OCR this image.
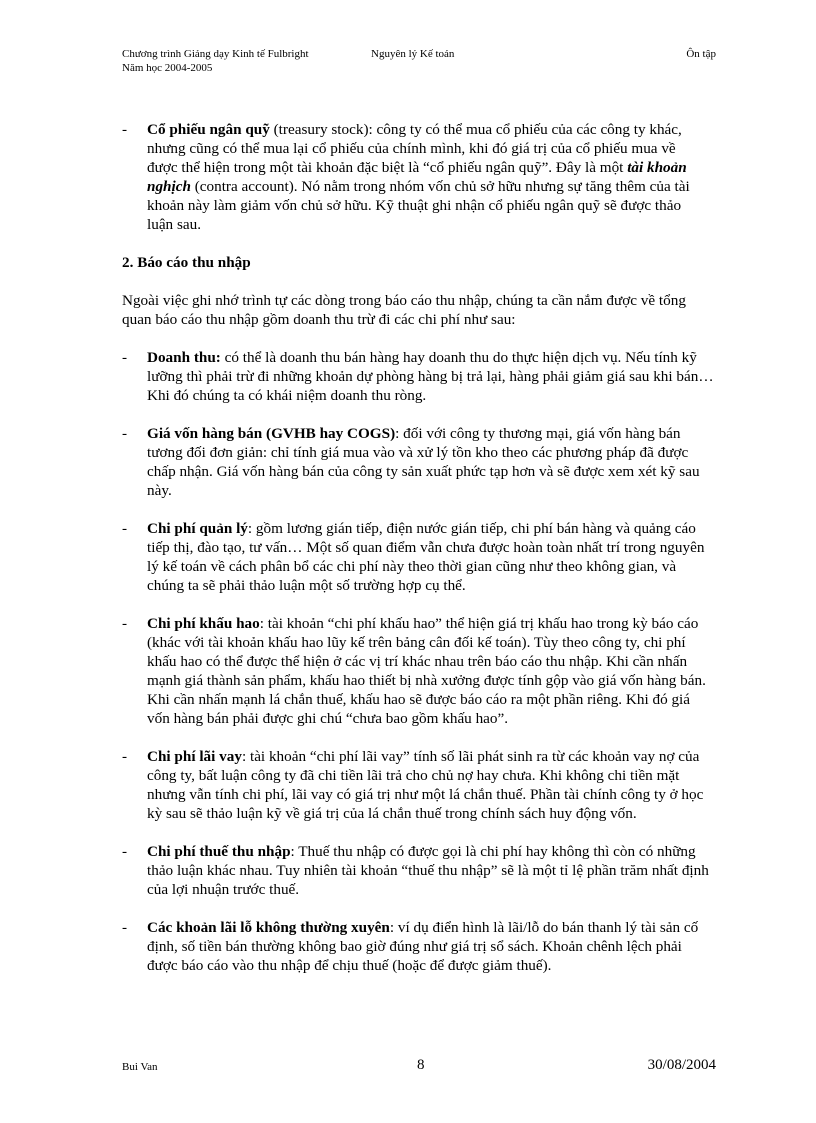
Chương trình Giảng dạy Kinh tế Fulbright	Nguyên lý Kế toán	Ôn tập
Năm học 2004-2005
- Cổ phiếu ngân quỹ (treasury stock): công ty có thể mua cổ phiếu của các công ty khác, nhưng cũng có thể mua lại cổ phiếu của chính mình, khi đó giá trị của cổ phiếu mua về được thể hiện trong một tài khoản đặc biệt là “cổ phiếu ngân quỹ”. Đây là một tài khoản nghịch (contra account). Nó nằm trong nhóm vốn chủ sở hữu nhưng sự tăng thêm của tài khoản này làm giảm vốn chủ sở hữu. Kỹ thuật ghi nhận cổ phiếu ngân quỹ sẽ được thảo luận sau.
2. Báo cáo thu nhập
Ngoài việc ghi nhớ trình tự các dòng trong báo cáo thu nhập, chúng ta cần nắm được về tổng quan báo cáo thu nhập gồm doanh thu trừ đi các chi phí như sau:
- Doanh thu: có thể là doanh thu bán hàng hay doanh thu do thực hiện dịch vụ. Nếu tính kỹ lưỡng thì phải trừ đi những khoản dự phòng hàng bị trả lại, hàng phải giảm giá sau khi bán… Khi đó chúng ta có khái niệm doanh thu ròng.
- Giá vốn hàng bán (GVHB hay COGS): đối với công ty thương mại, giá vốn hàng bán tương đối đơn giản: chỉ tính giá mua vào và xử lý tồn kho theo các phương pháp đã được chấp nhận. Giá vốn hàng bán của công ty sản xuất phức tạp hơn và sẽ được xem xét kỹ sau này.
- Chi phí quản lý: gồm lương gián tiếp, điện nước gián tiếp, chi phí bán hàng và quảng cáo tiếp thị, đào tạo, tư vấn… Một số quan điểm vẫn chưa được hoàn toàn nhất trí trong nguyên lý kế toán về cách phân bổ các chi phí này theo thời gian cũng như theo không gian, và chúng ta sẽ phải thảo luận một số trường hợp cụ thể.
- Chi phí khấu hao: tài khoản “chi phí khấu hao” thể hiện giá trị khấu hao trong kỳ báo cáo (khác với tài khoản khấu hao lũy kế trên bảng cân đối kế toán). Tùy theo công ty, chi phí khấu hao có thể được thể hiện ở các vị trí khác nhau trên báo cáo thu nhập. Khi cần nhấn mạnh giá thành sản phẩm, khấu hao thiết bị nhà xưởng được tính gộp vào giá vốn hàng bán. Khi cần nhấn mạnh lá chắn thuế, khấu hao sẽ được báo cáo ra một phần riêng. Khi đó giá vốn hàng bán phải được ghi chú “chưa bao gồm khấu hao”.
- Chi phí lãi vay: tài khoản “chi phí lãi vay” tính số lãi phát sinh ra từ các khoản vay nợ của công ty, bất luận công ty đã chi tiền lãi trả cho chủ nợ hay chưa. Khi không chi tiền mặt nhưng vẫn tính chi phí, lãi vay có giá trị như một lá chắn thuế. Phần tài chính công ty ở học kỳ sau sẽ thảo luận kỹ về giá trị của lá chắn thuế trong chính sách huy động vốn.
- Chi phí thuế thu nhập: Thuế thu nhập có được gọi là chi phí hay không thì còn có những thảo luận khác nhau. Tuy nhiên tài khoản “thuế thu nhập” sẽ là một tỉ lệ phần trăm nhất định của lợi nhuận trước thuế.
- Các khoản lãi lỗ không thường xuyên: ví dụ điển hình là lãi/lỗ do bán thanh lý tài sản cố định, số tiền bán thường không bao giờ đúng như giá trị sổ sách. Khoản chênh lệch phải được báo cáo vào thu nhập để chịu thuế (hoặc để được giảm thuế).
Bui Van	8	30/08/2004
